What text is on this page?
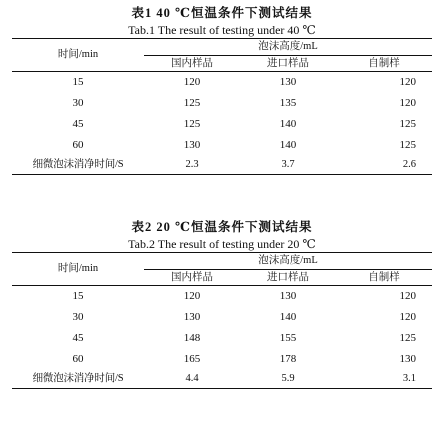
表1 40 ℃恒温条件下测试结果
Tab.1 The result of testing under 40 ℃
时间/min	泡沫高度/mL		
	国内样品	进口样品	自制样
15	120	130	120
30	125	135	120
45	125	140	125
60	130	140	125
细微泡沫消净时间/S	2.3	3.7	2.6
表2 20 ℃恒温条件下测试结果
Tab.2 The result of testing under 20 ℃
时间/min	泡沫高度/mL		
	国内样品	进口样品	自制样
15	120	130	120
30	130	140	120
45	148	155	125
60	165	178	130
细微泡沫消净时间/S	4.4	5.9	3.1
